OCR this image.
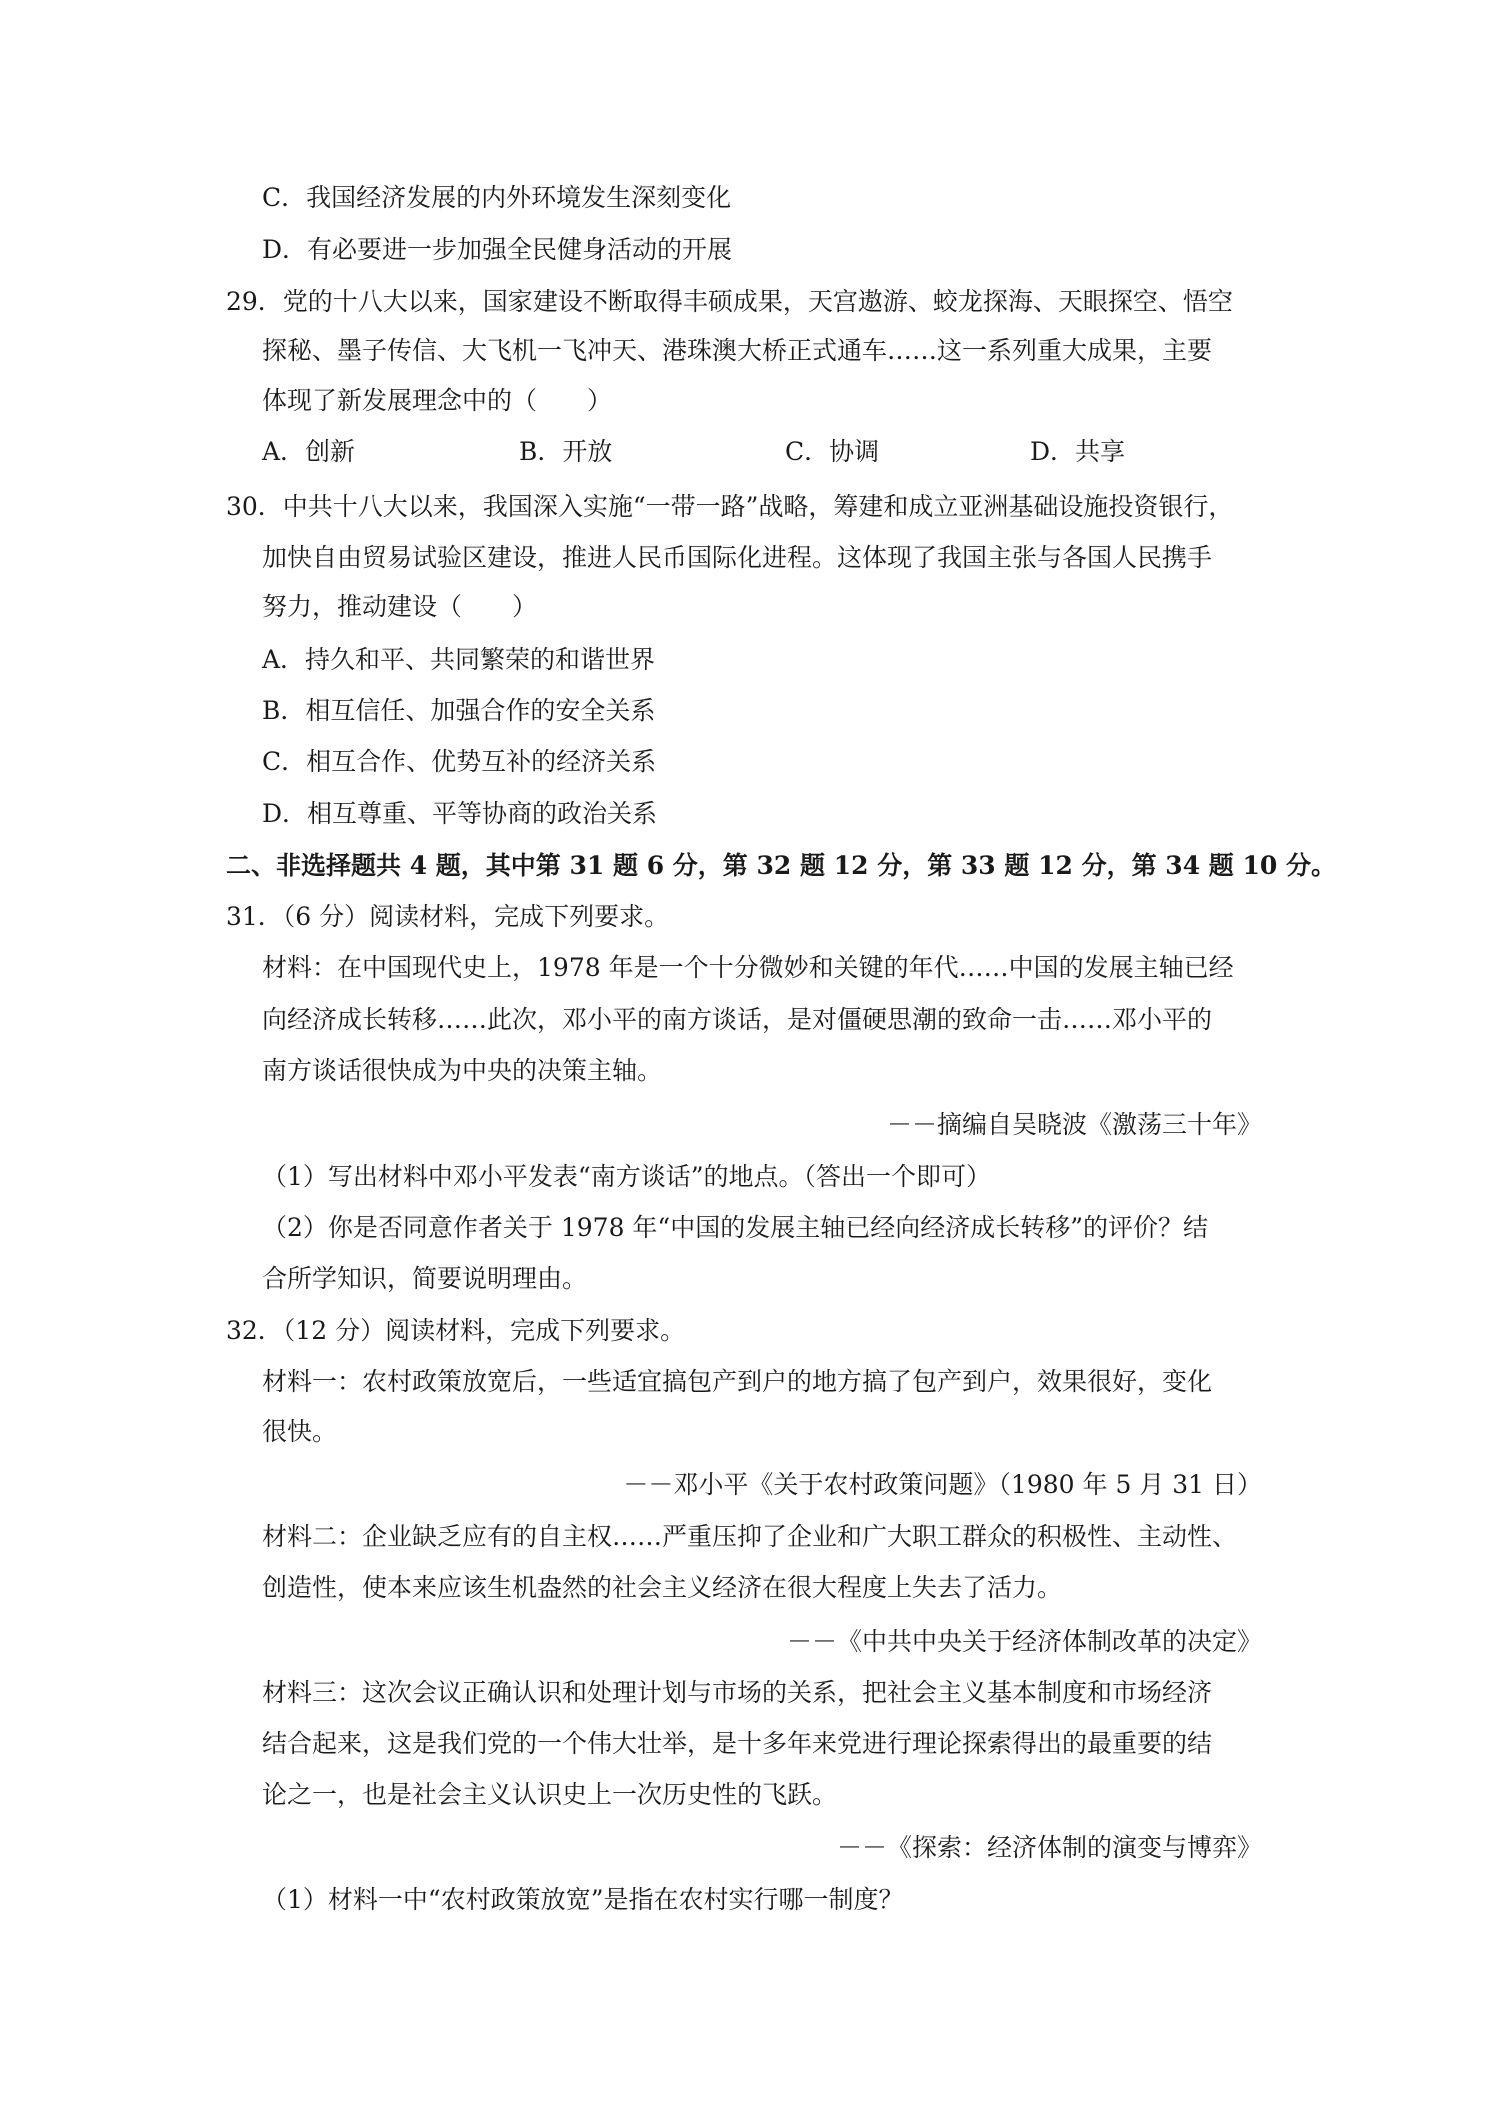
C．我国经济发展的内外环境发生深刻变化
D．有必要进一步加强全民健身活动的开展
29．党的十八大以来，国家建设不断取得丰硕成果，天宫遨游、蛟龙探海、天眼探空、悟空
探秘、墨子传信、大飞机一飞冲天、港珠澳大桥正式通车……这一系列重大成果，主要
体现了新发展理念中的（　　）
A．创新	B．开放	C．协调	D．共享
30．中共十八大以来，我国深入实施“一带一路”战略，筹建和成立亚洲基础设施投资银行，
加快自由贸易试验区建设，推进人民币国际化进程。这体现了我国主张与各国人民携手
努力，推动建设（　　）
A．持久和平、共同繁荣的和谐世界
B．相互信任、加强合作的安全关系
C．相互合作、优势互补的经济关系
D．相互尊重、平等协商的政治关系
二、非选择题共 4 题，其中第 31 题 6 分，第 32 题 12 分，第 33 题 12 分，第 34 题 10 分。
31．（6 分）阅读材料，完成下列要求。
材料：在中国现代史上，1978 年是一个十分微妙和关键的年代……中国的发展主轴已经
向经济成长转移……此次，邓小平的南方谈话，是对僵硬思潮的致命一击……邓小平的
南方谈话很快成为中央的决策主轴。
－－摘编自吴晓波《激荡三十年》
（1）写出材料中邓小平发表“南方谈话”的地点。（答出一个即可）
（2）你是否同意作者关于 1978 年“中国的发展主轴已经向经济成长转移”的评价？结
合所学知识，简要说明理由。
32．（12 分）阅读材料，完成下列要求。
材料一：农村政策放宽后，一些适宜搞包产到户的地方搞了包产到户，效果很好，变化
很快。
－－邓小平《关于农村政策问题》（1980 年 5 月 31 日）
材料二：企业缺乏应有的自主权……严重压抑了企业和广大职工群众的积极性、主动性、
创造性，使本来应该生机盎然的社会主义经济在很大程度上失去了活力。
－－《中共中央关于经济体制改革的决定》
材料三：这次会议正确认识和处理计划与市场的关系，把社会主义基本制度和市场经济
结合起来，这是我们党的一个伟大壮举，是十多年来党进行理论探索得出的最重要的结
论之一，也是社会主义认识史上一次历史性的飞跃。
－－《探索：经济体制的演变与博弈》
（1）材料一中“农村政策放宽”是指在农村实行哪一制度？
